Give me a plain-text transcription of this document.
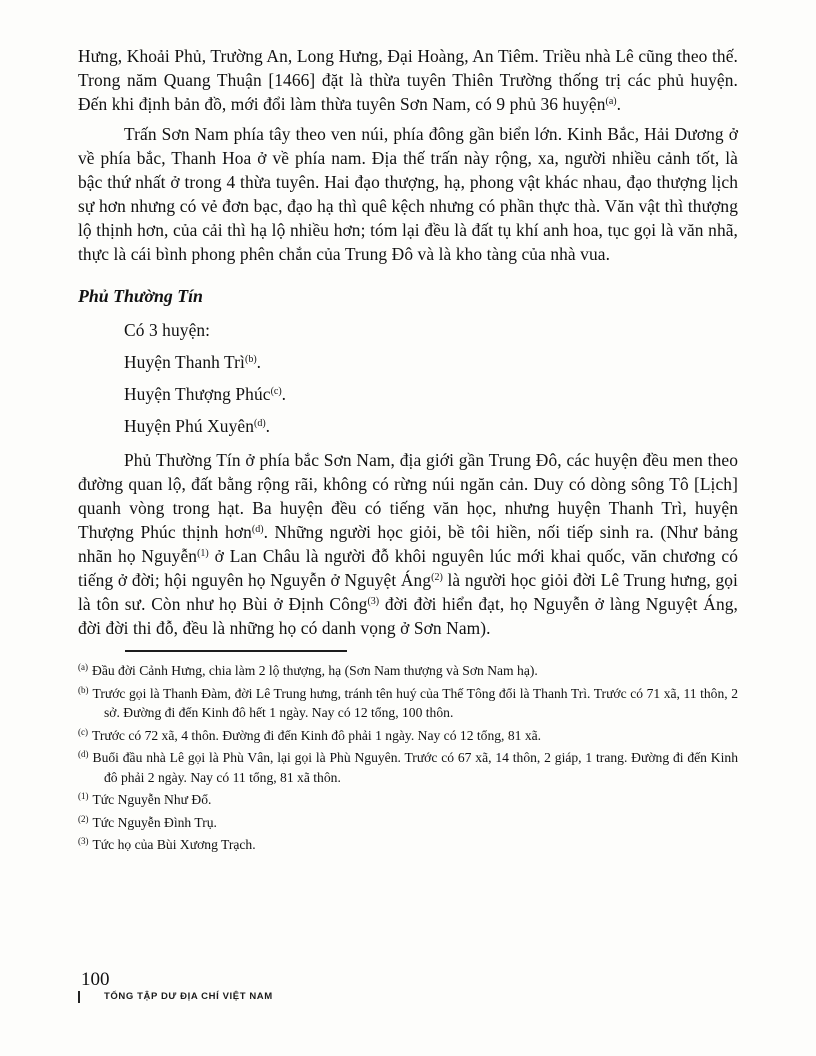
Hưng, Khoải Phủ, Trường An, Long Hưng, Đại Hoàng, An Tiêm. Triều nhà Lê cũng theo thế. Trong năm Quang Thuận [1466] đặt là thừa tuyên Thiên Trường thống trị các phủ huyện. Đến khi định bản đồ, mới đổi làm thừa tuyên Sơn Nam, có 9 phủ 36 huyện$^{(a)}$.

Trấn Sơn Nam phía tây theo ven núi, phía đông gần biển lớn. Kinh Bắc, Hải Dương ở về phía bắc, Thanh Hoa ở về phía nam. Địa thế trấn này rộng, xa, người nhiều cảnh tốt, là bậc thứ nhất ở trong 4 thừa tuyên. Hai đạo thượng, hạ, phong vật khác nhau, đạo thượng lịch sự hơn nhưng có vẻ đơn bạc, đạo hạ thì quê kệch nhưng có phần thực thà. Văn vật thì thượng lộ thịnh hơn, của cải thì hạ lộ nhiều hơn; tóm lại đều là đất tụ khí anh hoa, tục gọi là văn nhã, thực là cái bình phong phên chắn của Trung Đô và là kho tàng của nhà vua.

Phủ Thường Tín

Có 3 huyện:

Huyện Thanh Trì$^{(b)}$.

Huyện Thượng Phúc$^{(c)}$.

Huyện Phú Xuyên$^{(d)}$.

Phủ Thường Tín ở phía bắc Sơn Nam, địa giới gần Trung Đô, các huyện đều men theo đường quan lộ, đất bằng rộng rãi, không có rừng núi ngăn cản. Duy có dòng sông Tô [Lịch] quanh vòng trong hạt. Ba huyện đều có tiếng văn học, nhưng huyện Thanh Trì, huyện Thượng Phúc thịnh hơn$^{(d)}$. Những người học giỏi, bề tôi hiền, nối tiếp sinh ra. (Như bảng nhãn họ Nguyễn$^{(1)}$ ở Lan Châu là người đỗ khôi nguyên lúc mới khai quốc, văn chương có tiếng ở đời; hội nguyên họ Nguyễn ở Nguyệt Áng$^{(2)}$ là người học giỏi đời Lê Trung hưng, gọi là tôn sư. Còn như họ Bùi ở Định Công$^{(3)}$ đời đời hiển đạt, họ Nguyễn ở làng Nguyệt Áng, đời đời thi đỗ, đều là những họ có danh vọng ở Sơn Nam).

$^{(a)}$ Đầu đời Cảnh Hưng, chia làm 2 lộ thượng, hạ (Sơn Nam thượng và Sơn Nam hạ).

$^{(b)}$ Trước gọi là Thanh Đàm, đời Lê Trung hưng, tránh tên huý của Thế Tông đổi là Thanh Trì. Trước có 71 xã, 11 thôn, 2 sở. Đường đi đến Kinh đô hết 1 ngày. Nay có 12 tổng, 100 thôn.

$^{(c)}$ Trước có 72 xã, 4 thôn. Đường đi đến Kinh đô phải 1 ngày. Nay có 12 tổng, 81 xã.

$^{(d)}$ Buổi đầu nhà Lê gọi là Phù Vân, lại gọi là Phù Nguyên. Trước có 67 xã, 14 thôn, 2 giáp, 1 trang. Đường đi đến Kinh đô phải 2 ngày. Nay có 11 tổng, 81 xã thôn.

$^{(1)}$ Tức Nguyễn Như Đổ.

$^{(2)}$ Tức Nguyễn Đình Trụ.

$^{(3)}$ Tức họ của Bùi Xương Trạch.

100
TỔNG TẬP DƯ ĐỊA CHÍ VIỆT NAM
